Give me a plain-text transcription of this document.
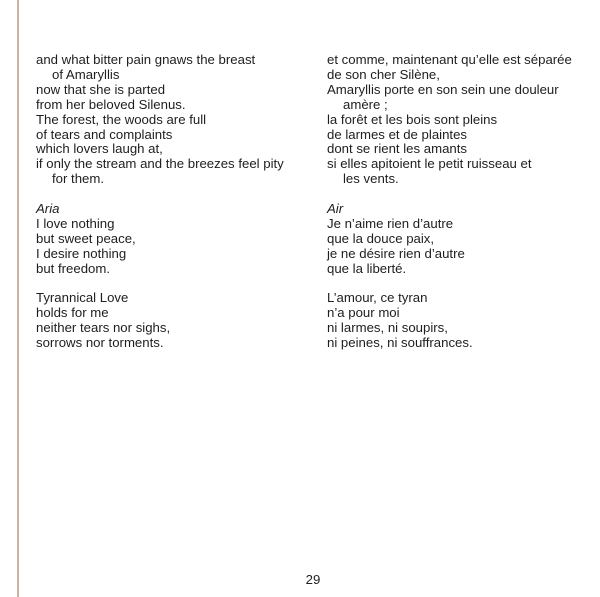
and what bitter pain gnaws the breast
of Amaryllis
now that she is parted
from her beloved Silenus.
The forest, the woods are full
of tears and complaints
which lovers laugh at,
if only the stream and the breezes feel pity
for them.
Aria
I love nothing
but sweet peace,
I desire nothing
but freedom.
Tyrannical Love
holds for me
neither tears nor sighs,
sorrows nor torments.
et comme, maintenant qu’elle est séparée
de son cher Silène,
Amaryllis porte en son sein une douleur
amère ;
la forêt et les bois sont pleins
de larmes et de plaintes
dont se rient les amants
si elles apitoient le petit ruisseau et
les vents.
Air
Je n’aime rien d’autre
que la douce paix,
je ne désire rien d’autre
que la liberté.
L’amour, ce tyran
n’a pour moi
ni larmes, ni soupirs,
ni peines, ni souffrances.
29
